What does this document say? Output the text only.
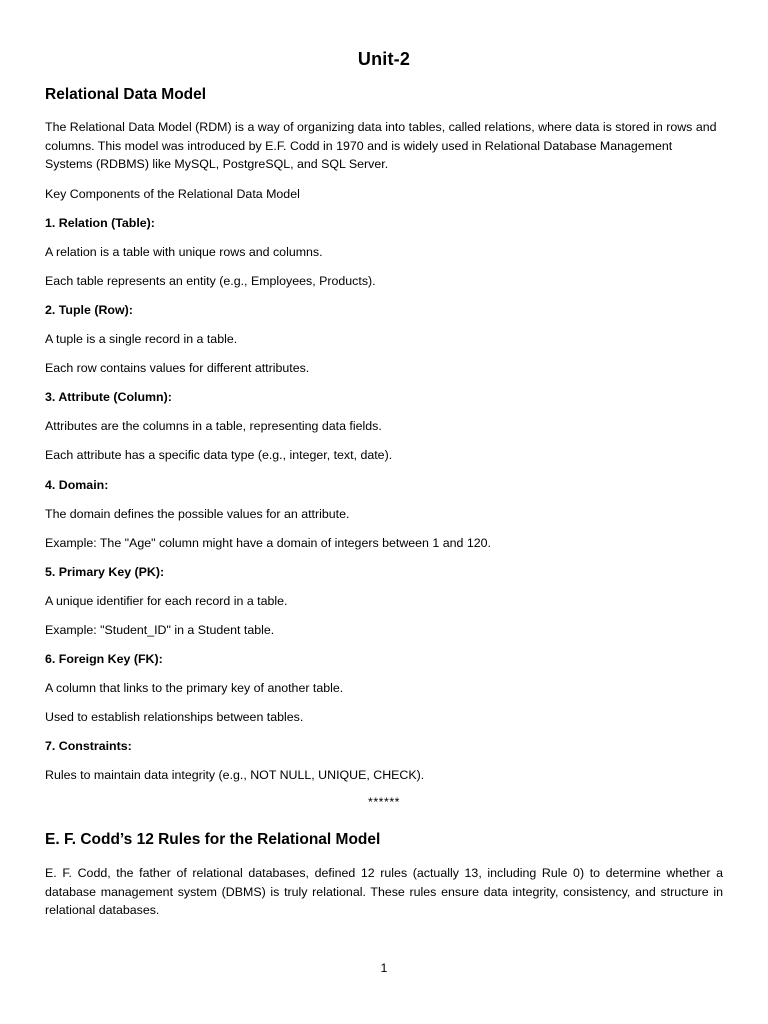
Unit-2
Relational Data Model
The Relational Data Model (RDM) is a way of organizing data into tables, called relations, where data is stored in rows and columns. This model was introduced by E.F. Codd in 1970 and is widely used in Relational Database Management Systems (RDBMS) like MySQL, PostgreSQL, and SQL Server.
Key Components of the Relational Data Model
1. Relation (Table):
A relation is a table with unique rows and columns.
Each table represents an entity (e.g., Employees, Products).
2. Tuple (Row):
A tuple is a single record in a table.
Each row contains values for different attributes.
3. Attribute (Column):
Attributes are the columns in a table, representing data fields.
Each attribute has a specific data type (e.g., integer, text, date).
4. Domain:
The domain defines the possible values for an attribute.
Example: The "Age" column might have a domain of integers between 1 and 120.
5. Primary Key (PK):
A unique identifier for each record in a table.
Example: "Student_ID" in a Student table.
6. Foreign Key (FK):
A column that links to the primary key of another table.
Used to establish relationships between tables.
7. Constraints:
Rules to maintain data integrity (e.g., NOT NULL, UNIQUE, CHECK).
******
E. F. Codd’s 12 Rules for the Relational Model
E. F. Codd, the father of relational databases, defined 12 rules (actually 13, including Rule 0) to determine whether a database management system (DBMS) is truly relational. These rules ensure data integrity, consistency, and structure in relational databases.
1
